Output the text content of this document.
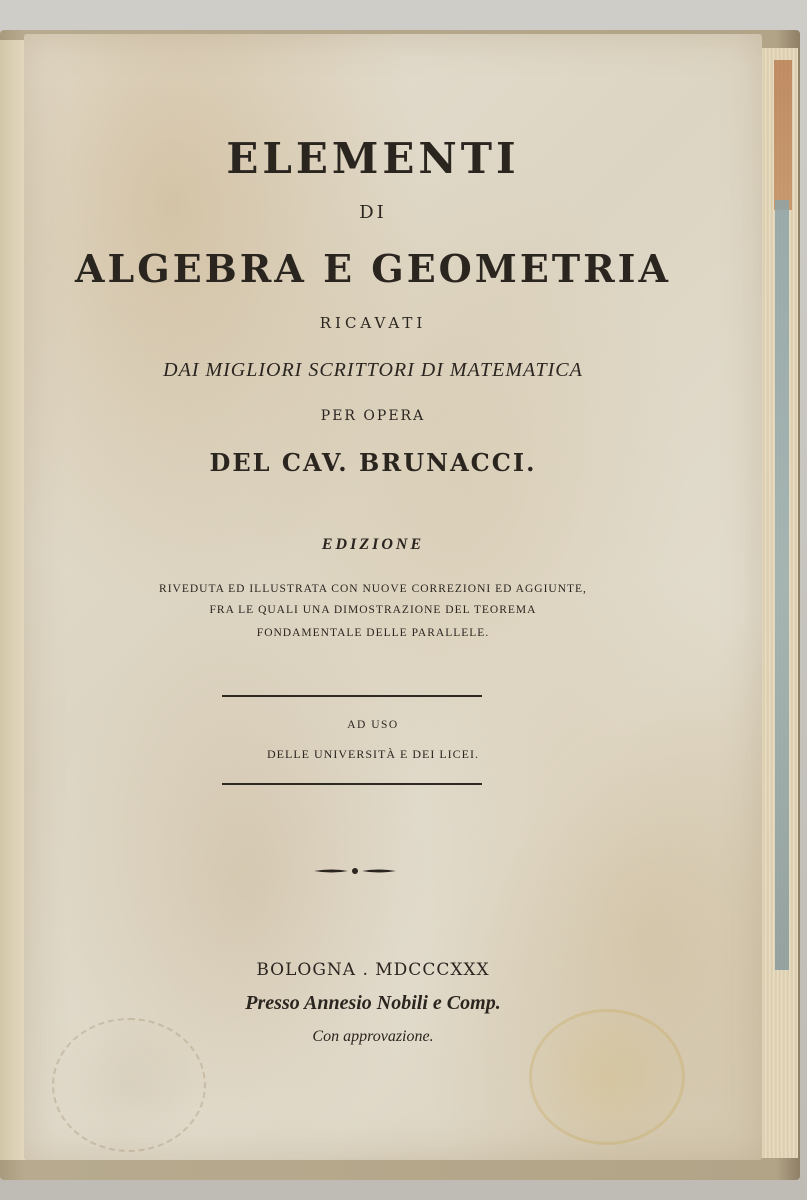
ELEMENTI
DI
ALGEBRA E GEOMETRIA
RICAVATI
DAI MIGLIORI SCRITTORI DI MATEMATICA
PER OPERA
DEL CAV. BRUNACCI.
EDIZIONE
RIVEDUTA ED ILLUSTRATA CON NUOVE CORREZIONI ED AGGIUNTE,
FRA LE QUALI UNA DIMOSTRAZIONE DEL TEOREMA
FONDAMENTALE DELLE PARALLELE.
AD USO
DELLE UNIVERSITÀ E DEI LICEI.
BOLOGNA . MDCCCXXX
Presso Annesio Nobili e Comp.
Con approvazione.
